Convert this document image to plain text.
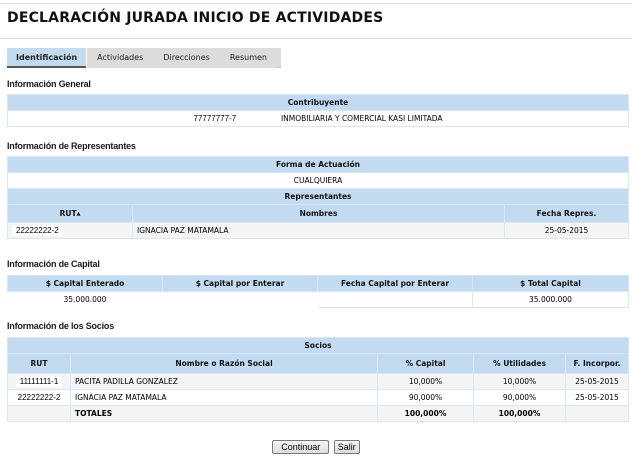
DECLARACIÓN JURADA INICIO DE ACTIVIDADES
Identificación	Actividades	Direcciones	Resumen
Información General
Contribuyente
77777777-7	INMOBILIARIA Y COMERCIAL KASI LIMITADA
Información de Representantes
Forma de Actuación		
CUALQUIERA		
Representantes		
RUT▲	Nombres	Fecha Repres.
22222222-2	IGNACIA PAZ MATAMALA	25-05-2015
Información de Capital
$ Capital Enterado	$ Capital por Enterar	Fecha Capital por Enterar	$ Total Capital
35.000.000			35.000.000
Información de los Socios
Socios				
RUT	Nombre o Razón Social	% Capital	% Utilidades	F. Incorpor.
11111111-1	PACITA PADILLA GONZALEZ	10,000%	10,000%	25-05-2015
22222222-2	IGNACIA PAZ MATAMALA	90,000%	90,000%	25-05-2015
	TOTALES	100,000%	100,000%	
Continuar Salir
